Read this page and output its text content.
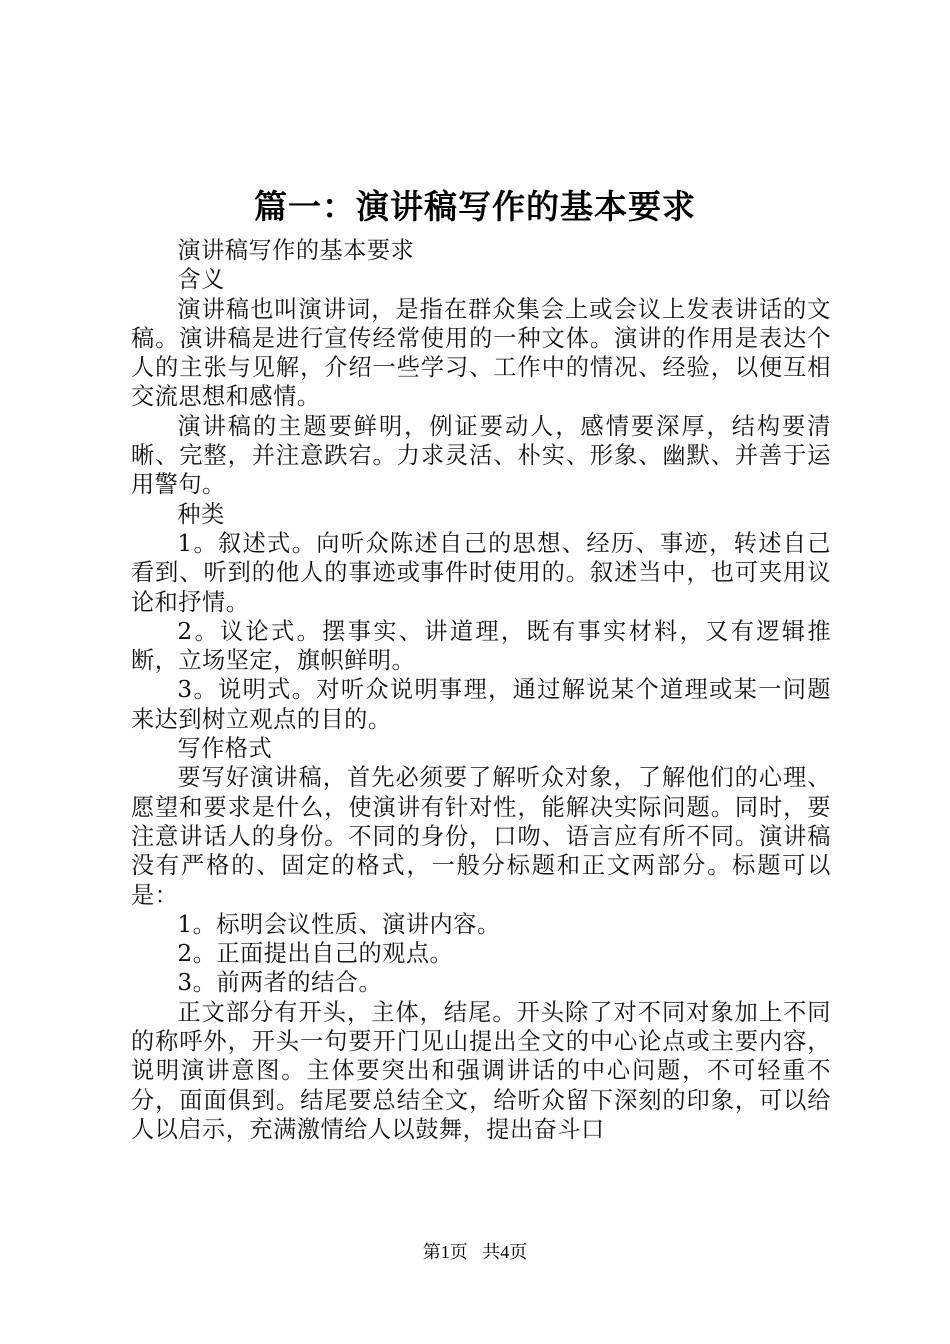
篇一：演讲稿写作的基本要求

演讲稿写作的基本要求

含义

演讲稿也叫演讲词，是指在群众集会上或会议上发表讲话的文稿。演讲稿是进行宣传经常使用的一种文体。演讲的作用是表达个人的主张与见解，介绍一些学习、工作中的情况、经验，以便互相交流思想和感情。

演讲稿的主题要鲜明，例证要动人，感情要深厚，结构要清晰、完整，并注意跌宕。力求灵活、朴实、形象、幽默、并善于运用警句。

种类

1。叙述式。向听众陈述自己的思想、经历、事迹，转述自己看到、听到的他人的事迹或事件时使用的。叙述当中，也可夹用议论和抒情。

2。议论式。摆事实、讲道理，既有事实材料，又有逻辑推断，立场坚定，旗帜鲜明。

3。说明式。对听众说明事理，通过解说某个道理或某一问题来达到树立观点的目的。

写作格式

要写好演讲稿，首先必须要了解听众对象，了解他们的心理、愿望和要求是什么，使演讲有针对性，能解决实际问题。同时，要注意讲话人的身份。不同的身份，口吻、语言应有所不同。演讲稿没有严格的、固定的格式，一般分标题和正文两部分。标题可以是：

1。标明会议性质、演讲内容。

2。正面提出自己的观点。

3。前两者的结合。

正文部分有开头，主体，结尾。开头除了对不同对象加上不同的称呼外，开头一句要开门见山提出全文的中心论点或主要内容，说明演讲意图。主体要突出和强调讲话的中心问题，不可轻重不分，面面俱到。结尾要总结全文，给听众留下深刻的印象，可以给人以启示，充满激情给人以鼓舞，提出奋斗口

第1页 共4页
